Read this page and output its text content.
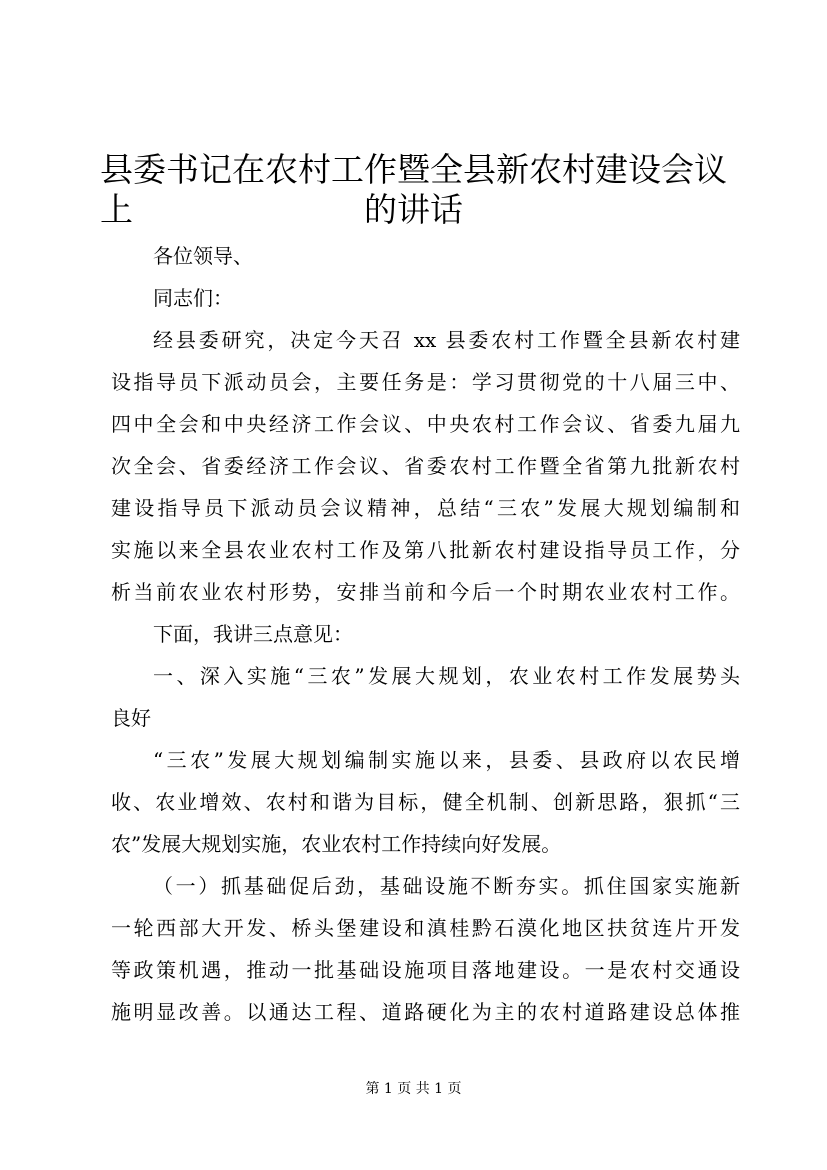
县委书记在农村工作暨全县新农村建设会议上	的讲话
各位领导、
同志们：
经县委研究，决定今天召 xx 县委农村工作暨全县新农村建
设指导员下派动员会，主要任务是：学习贯彻党的十八届三中、
四中全会和中央经济工作会议、中央农村工作会议、省委九届九
次全会、省委经济工作会议、省委农村工作暨全省第九批新农村
建设指导员下派动员会议精神，总结“三农”发展大规划编制和
实施以来全县农业农村工作及第八批新农村建设指导员工作，分
析当前农业农村形势，安排当前和今后一个时期农业农村工作。
下面，我讲三点意见：
一、深入实施“三农”发展大规划，农业农村工作发展势头
良好
“三农”发展大规划编制实施以来，县委、县政府以农民增
收、农业增效、农村和谐为目标，健全机制、创新思路，狠抓“三
农”发展大规划实施，农业农村工作持续向好发展。
（一）抓基础促后劲，基础设施不断夯实。抓住国家实施新
一轮西部大开发、桥头堡建设和滇桂黔石漠化地区扶贫连片开发
等政策机遇，推动一批基础设施项目落地建设。一是农村交通设
施明显改善。以通达工程、道路硬化为主的农村道路建设总体推
第 1 页 共 1 页
